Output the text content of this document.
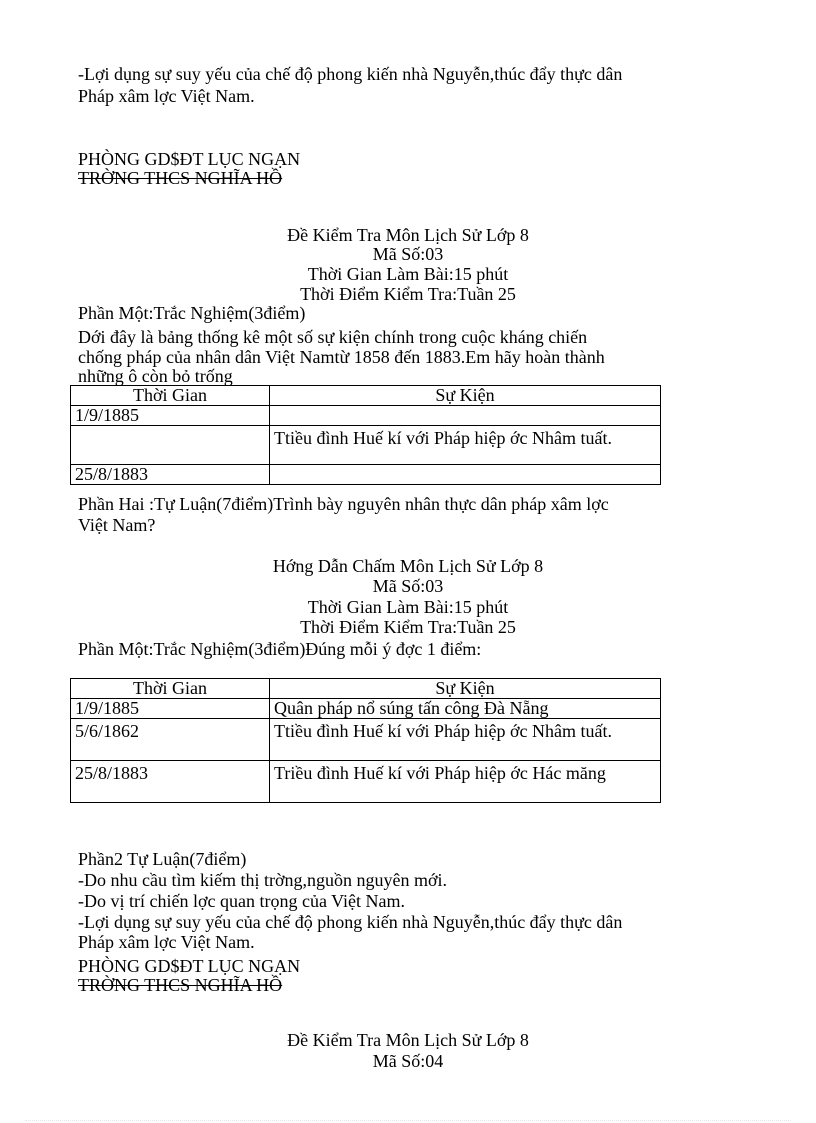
-Lợi dụng sự suy yếu của chế độ phong kiến nhà Nguyễn,thúc đẩy thực dân
Pháp xâm lợc Việt Nam.
PHÒNG GD$ĐT LỤC NGẠN
TRỜNG THCS NGHĨA HỒ
Đề Kiểm Tra Môn Lịch Sử Lớp 8
Mã Số:03
Thời Gian Làm Bài:15 phút
Thời Điểm Kiểm Tra:Tuần 25
Phần Một:Trắc Nghiệm(3điểm)
Dới đây là bảng thống kê một số sự kiện chính trong cuộc kháng chiến
chống pháp của nhân dân Việt Namtừ 1858 đến 1883.Em hãy hoàn thành
những ô còn bỏ trống
Thời Gian	Sự Kiện
1/9/1885	
	Ttiều đình Huế kí với Pháp hiệp ớc Nhâm tuất.
25/8/1883	
Phần Hai :Tự Luận(7điểm)Trình bày nguyên nhân thực dân pháp xâm lợc
Việt Nam?
Hớng Dẫn Chấm Môn Lịch Sử Lớp 8
Mã Số:03
Thời Gian Làm Bài:15 phút
Thời Điểm Kiểm Tra:Tuần 25
Phần Một:Trắc Nghiệm(3điểm)Đúng mỗi ý đợc 1 điểm:
Thời Gian	Sự Kiện
1/9/1885	Quân pháp nổ súng tấn công Đà Nẵng
5/6/1862	Ttiều đình Huế kí với Pháp hiệp ớc Nhâm tuất.
25/8/1883	Triều đình Huế kí với Pháp hiệp ớc Hác măng
Phần2 Tự Luận(7điểm)
-Do nhu cầu tìm kiếm thị trờng,nguồn nguyên mới.
-Do vị trí chiến lợc quan trọng của Việt Nam.
-Lợi dụng sự suy yếu của chế độ phong kiến nhà Nguyễn,thúc đẩy thực dân
Pháp xâm lợc Việt Nam.
PHÒNG GD$ĐT LỤC NGẠN
TRỜNG THCS NGHĨA HỒ
Đề Kiểm Tra Môn Lịch Sử Lớp 8
Mã Số:04
